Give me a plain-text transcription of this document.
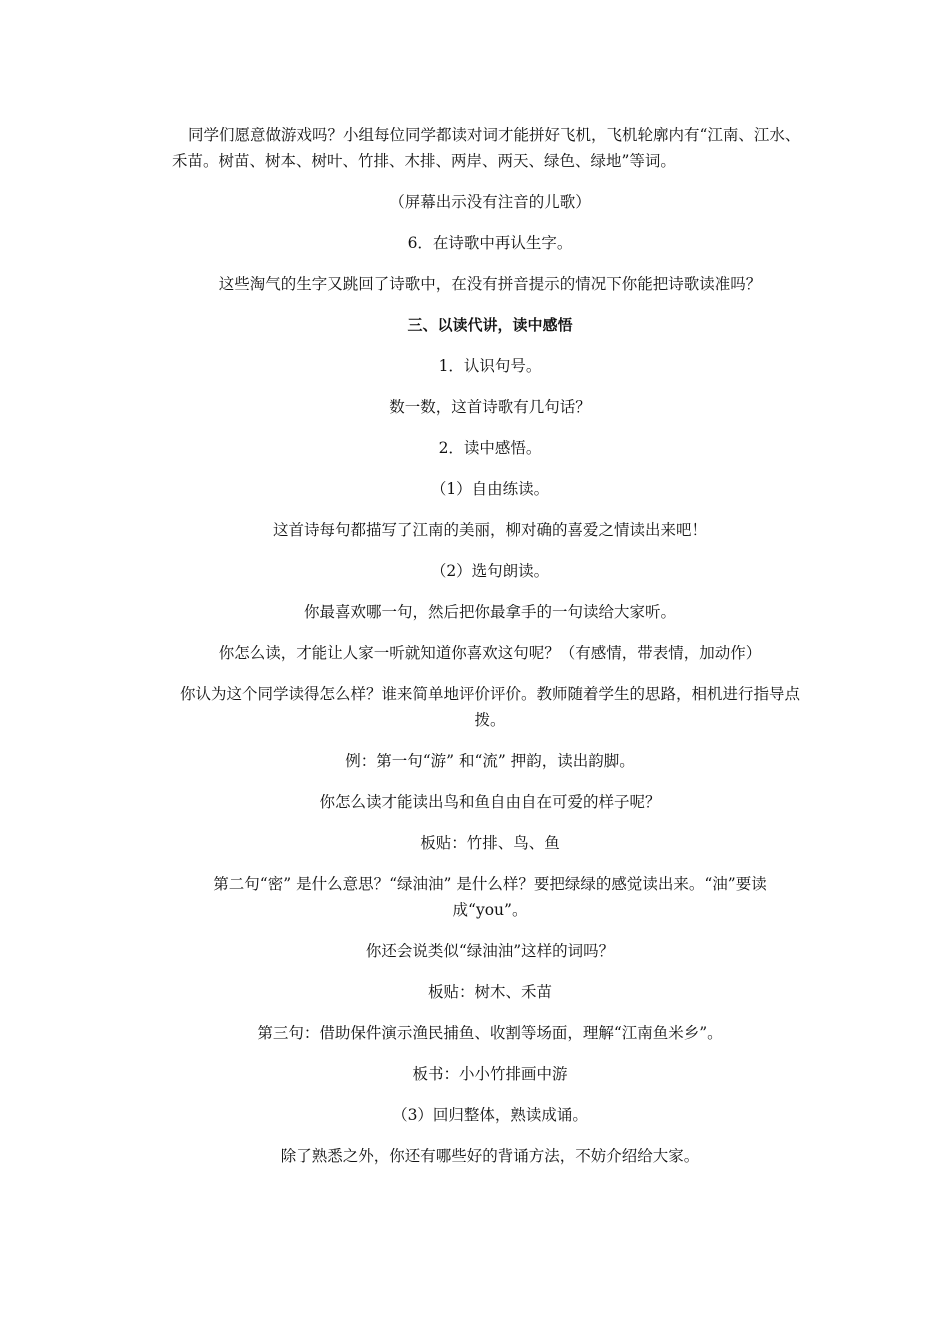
同学们愿意做游戏吗？小组每位同学都读对词才能拼好飞机，飞机轮廓内有“江南、江水、禾苗。树苗、树本、树叶、竹排、木排、两岸、两天、绿色、绿地”等词。

（屏幕出示没有注音的儿歌）

6．在诗歌中再认生字。

这些淘气的生字又跳回了诗歌中，在没有拼音提示的情况下你能把诗歌读准吗？

三、以读代讲，读中感悟

1．认识句号。

数一数，这首诗歌有几句话？

2．读中感悟。

（1）自由练读。

这首诗每句都描写了江南的美丽，柳对确的喜爱之情读出来吧！

（2）选句朗读。

你最喜欢哪一句，然后把你最拿手的一句读给大家听。

你怎么读，才能让人家一听就知道你喜欢这句呢？（有感情，带表情，加动作）

你认为这个同学读得怎么样？谁来简单地评价评价。教师随着学生的思路，相机进行指导点拨。

例：第一句“游” 和“流” 押韵，读出韵脚。

你怎么读才能读出鸟和鱼自由自在可爱的样子呢？

板贴：竹排、鸟、鱼

第二句“密” 是什么意思？“绿油油” 是什么样？要把绿绿的感觉读出来。“油”要读成“you”。

你还会说类似“绿油油”这样的词吗？

板贴：树木、禾苗

第三句：借助保件演示渔民捕鱼、收割等场面，理解“江南鱼米乡”。

板书：小小竹排画中游

（3）回归整体，熟读成诵。

除了熟悉之外，你还有哪些好的背诵方法，不妨介绍给大家。
